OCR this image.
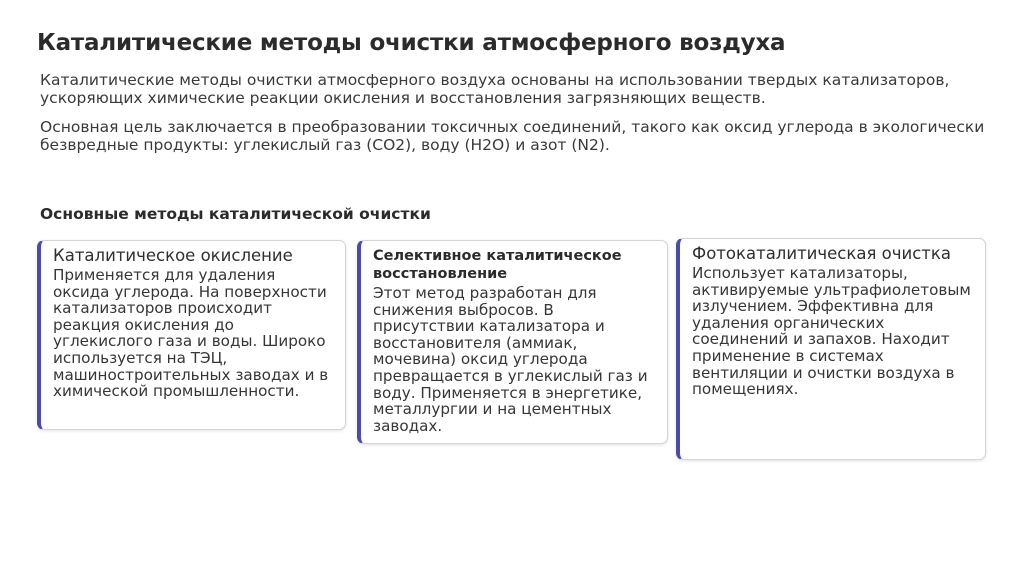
Каталитические методы очистки атмосферного воздуха

Каталитические методы очистки атмосферного воздуха основаны на использовании твердых катализаторов, ускоряющих химические реакции окисления и восстановления загрязняющих веществ.

Основная цель заключается в преобразовании токсичных соединений, такого как оксид углерода в экологически безвредные продукты: углекислый газ (CO2), воду (H2O) и азот (N2).

Основные методы каталитической очистки
Каталитическое окисление

Применяется для удаления оксида углерода. На поверхности катализаторов происходит реакция окисления до углекислого газа и воды. Широко используется на ТЭЦ, машиностроительных заводах и в химической промышленности.

Селективное каталитическое восстановление

Этот метод разработан для снижения выбросов. В присутствии катализатора и восстановителя (аммиак, мочевина) оксид углерода превращается в углекислый газ и воду. Применяется в энергетике, металлургии и на цементных заводах.

Фотокаталитическая очистка

Использует катализаторы, активируемые ультрафиолетовым излучением. Эффективна для удаления органических соединений и запахов. Находит применение в системах вентиляции и очистки воздуха в помещениях.
